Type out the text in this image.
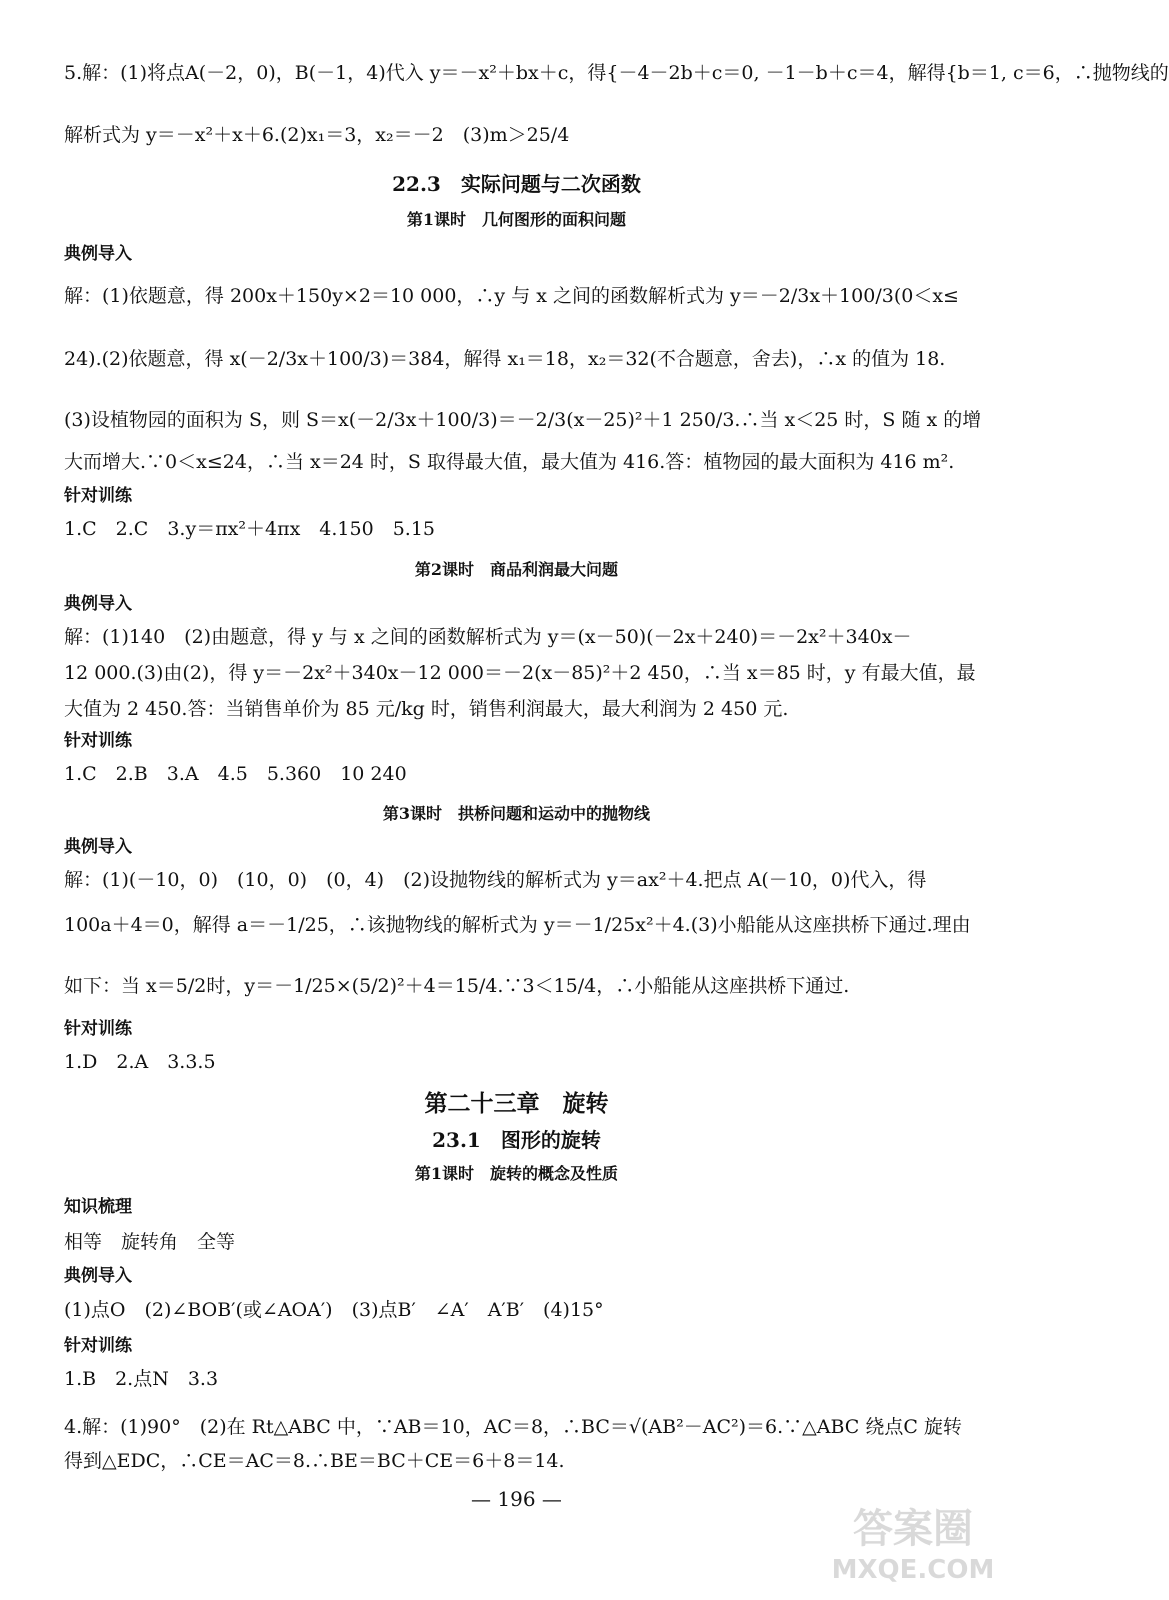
5.解：(1)将点A(－2，0)，B(－1，4)代入 y＝－x²＋bx＋c，得{－4－2b＋c＝0, －1－b＋c＝4，解得{b＝1, c＝6，∴抛物线的
解析式为 y＝－x²＋x＋6.(2)x₁＝3，x₂＝－2　(3)m＞25/4
22.3　实际问题与二次函数
第1课时　几何图形的面积问题
典例导入
解：(1)依题意，得 200x＋150y×2＝10 000，∴y 与 x 之间的函数解析式为 y＝－2/3x＋100/3(0＜x≤
24).(2)依题意，得 x(－2/3x＋100/3)＝384，解得 x₁＝18，x₂＝32(不合题意，舍去)，∴x 的值为 18.
(3)设植物园的面积为 S，则 S＝x(－2/3x＋100/3)＝－2/3(x－25)²＋1 250/3.∴当 x＜25 时，S 随 x 的增
大而增大.∵0＜x≤24，∴当 x＝24 时，S 取得最大值，最大值为 416.答：植物园的最大面积为 416 m².
针对训练
1.C　2.C　3.y＝πx²＋4πx　4.150　5.15
第2课时　商品利润最大问题
典例导入
解：(1)140　(2)由题意，得 y 与 x 之间的函数解析式为 y＝(x－50)(－2x＋240)＝－2x²＋340x－
12 000.(3)由(2)，得 y＝－2x²＋340x－12 000＝－2(x－85)²＋2 450，∴当 x＝85 时，y 有最大值，最
大值为 2 450.答：当销售单价为 85 元/kg 时，销售利润最大，最大利润为 2 450 元.
针对训练
1.C　2.B　3.A　4.5　5.360　10 240
第3课时　拱桥问题和运动中的抛物线
典例导入
解：(1)(－10，0)　(10，0)　(0，4)　(2)设抛物线的解析式为 y＝ax²＋4.把点 A(－10，0)代入，得
100a＋4＝0，解得 a＝－1/25，∴该抛物线的解析式为 y＝－1/25x²＋4.(3)小船能从这座拱桥下通过.理由
如下：当 x＝5/2时，y＝－1/25×(5/2)²＋4＝15/4.∵3＜15/4，∴小船能从这座拱桥下通过.
针对训练
1.D　2.A　3.3.5
第二十三章　旋转
23.1　图形的旋转
第1课时　旋转的概念及性质
知识梳理
相等　旋转角　全等
典例导入
(1)点O　(2)∠BOB′(或∠AOA′)　(3)点B′　∠A′　A′B′　(4)15°
针对训练
1.B　2.点N　3.3
4.解：(1)90°　(2)在 Rt△ABC 中，∵AB＝10，AC＝8，∴BC＝√(AB²－AC²)＝6.∵△ABC 绕点C 旋转
得到△EDC，∴CE＝AC＝8.∴BE＝BC＋CE＝6＋8＝14.
— 196 —
答案圈
MXQE.COM
